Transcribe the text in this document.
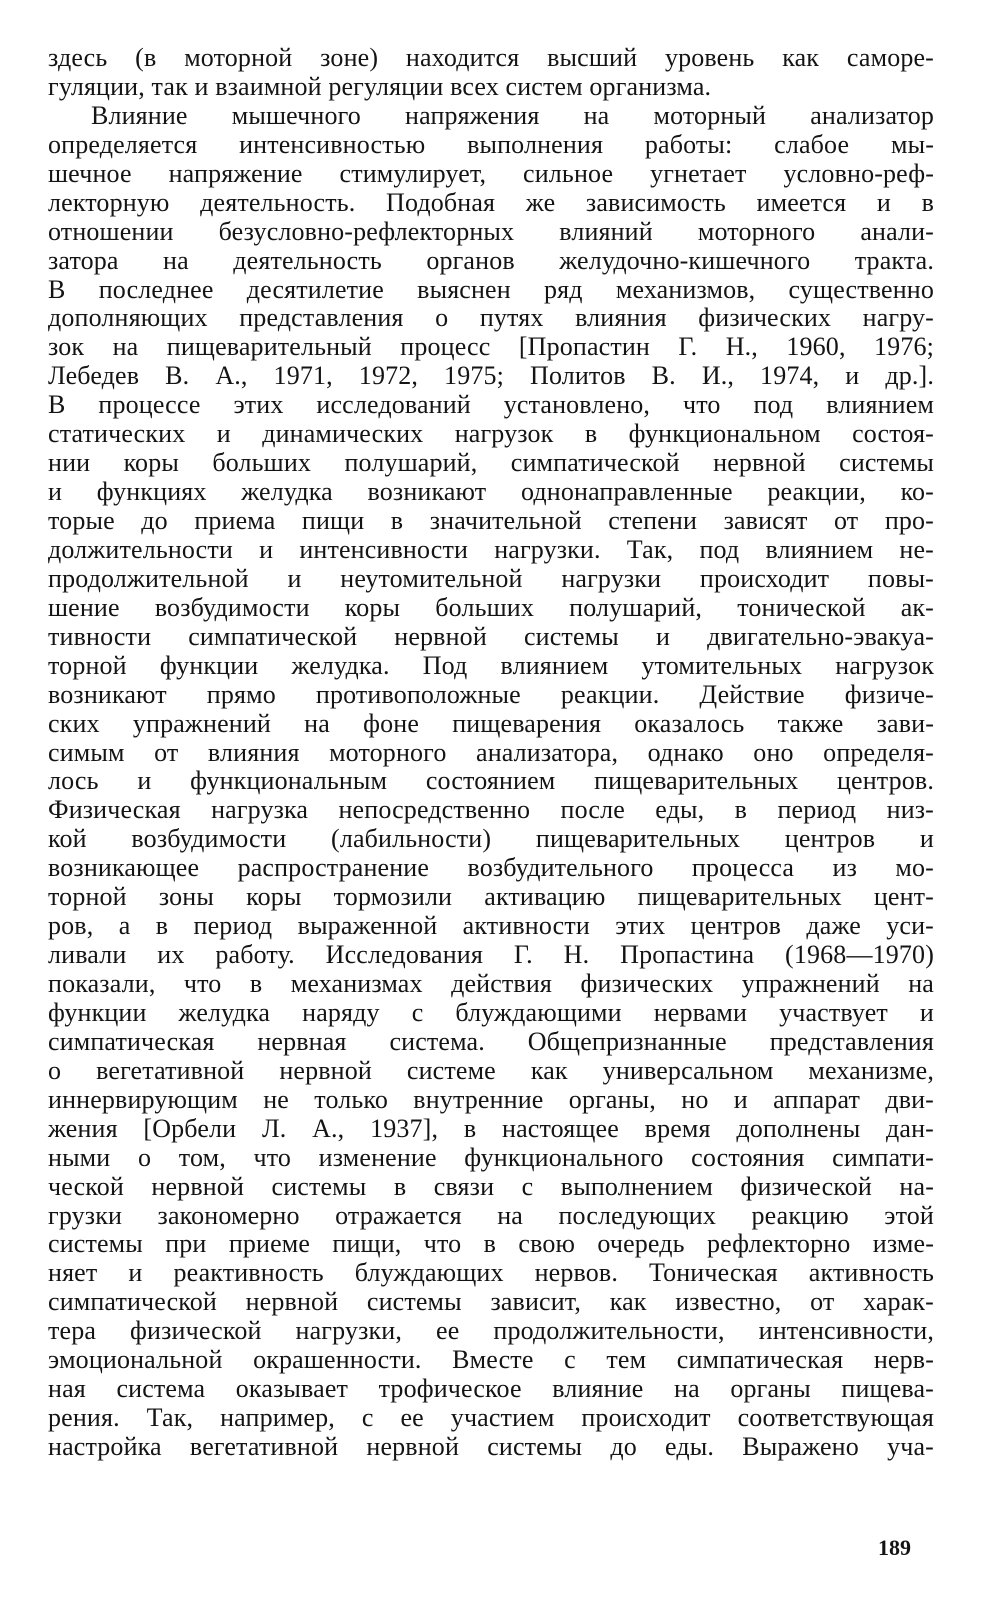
здесь (в моторной зоне) находится высший уровень как саморе-
гуляции, так и взаимной регуляции всех систем организма.
Влияние мышечного напряжения на моторный анализатор
определяется интенсивностью выполнения работы: слабое мы-
шечное напряжение стимулирует, сильное угнетает условно-реф-
лекторную деятельность. Подобная же зависимость имеется и в
отношении безусловно-рефлекторных влияний моторного анали-
затора на деятельность органов желудочно-кишечного тракта.
В последнее десятилетие выяснен ряд механизмов, существенно
дополняющих представления о путях влияния физических нагру-
зок на пищеварительный процесс [Пропастин Г. Н., 1960, 1976;
Лебедев В. А., 1971, 1972, 1975; Политов В. И., 1974, и др.].
В процессе этих исследований установлено, что под влиянием
статических и динамических нагрузок в функциональном состоя-
нии коры больших полушарий, симпатической нервной системы
и функциях желудка возникают однонаправленные реакции, ко-
торые до приема пищи в значительной степени зависят от про-
должительности и интенсивности нагрузки. Так, под влиянием не-
продолжительной и неутомительной нагрузки происходит повы-
шение возбудимости коры больших полушарий, тонической ак-
тивности симпатической нервной системы и двигательно-эвакуа-
торной функции желудка. Под влиянием утомительных нагрузок
возникают прямо противоположные реакции. Действие физиче-
ских упражнений на фоне пищеварения оказалось также зави-
симым от влияния моторного анализатора, однако оно определя-
лось и функциональным состоянием пищеварительных центров.
Физическая нагрузка непосредственно после еды, в период низ-
кой возбудимости (лабильности) пищеварительных центров и
возникающее распространение возбудительного процесса из мо-
торной зоны коры тормозили активацию пищеварительных цент-
ров, а в период выраженной активности этих центров даже уси-
ливали их работу. Исследования Г. Н. Пропастина (1968—1970)
показали, что в механизмах действия физических упражнений на
функции желудка наряду с блуждающими нервами участвует и
симпатическая нервная система. Общепризнанные представления
о вегетативной нервной системе как универсальном механизме,
иннервирующим не только внутренние органы, но и аппарат дви-
жения [Орбели Л. А., 1937], в настоящее время дополнены дан-
ными о том, что изменение функционального состояния симпати-
ческой нервной системы в связи с выполнением физической на-
грузки закономерно отражается на последующих реакцию этой
системы при приеме пищи, что в свою очередь рефлекторно изме-
няет и реактивность блуждающих нервов. Тоническая активность
симпатической нервной системы зависит, как известно, от харак-
тера физической нагрузки, ее продолжительности, интенсивности,
эмоциональной окрашенности. Вместе с тем симпатическая нерв-
ная система оказывает трофическое влияние на органы пищева-
рения. Так, например, с ее участием происходит соответствующая
настройка вегетативной нервной системы до еды. Выражено уча-
189
